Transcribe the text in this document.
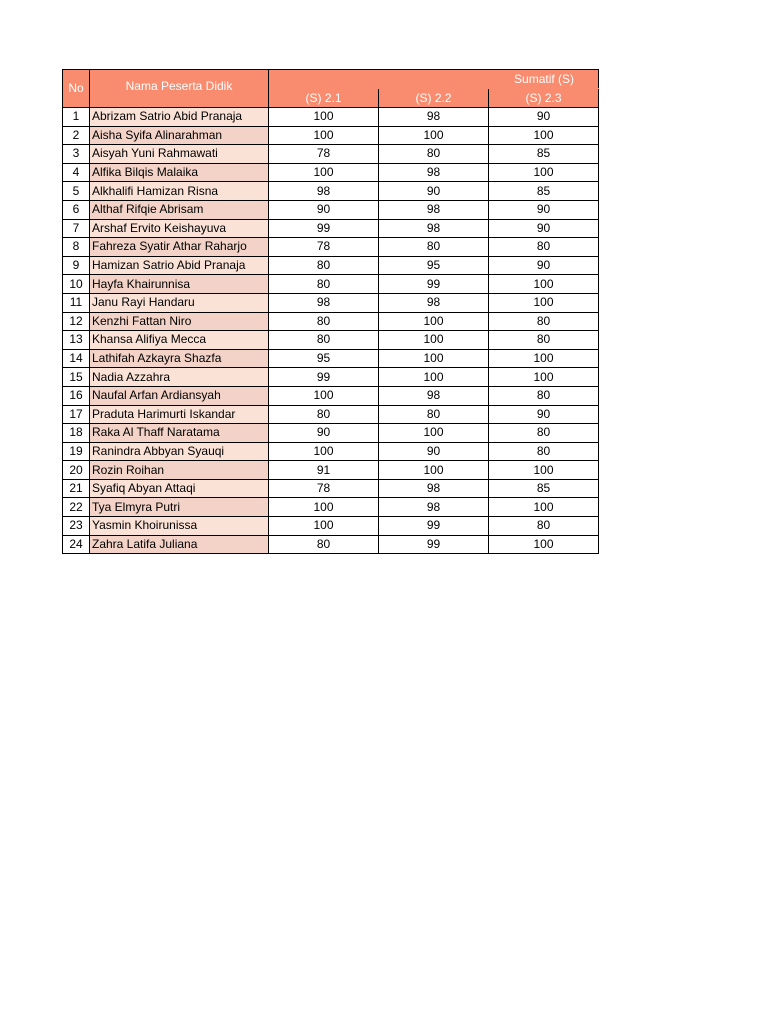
No	Nama Peserta Didik	Sumatif (S)		
		(S) 2.1	(S) 2.2	(S) 2.3
1	Abrizam Satrio Abid Pranaja	100	98	90
2	Aisha Syifa Alinarahman	100	100	100
3	Aisyah Yuni Rahmawati	78	80	85
4	Alfika Bilqis Malaika	100	98	100
5	Alkhalifi Hamizan Risna	98	90	85
6	Althaf Rifqie Abrisam	90	98	90
7	Arshaf Ervito Keishayuva	99	98	90
8	Fahreza Syatir Athar Raharjo	78	80	80
9	Hamizan Satrio Abid Pranaja	80	95	90
10	Hayfa Khairunnisa	80	99	100
11	Janu Rayi Handaru	98	98	100
12	Kenzhi Fattan Niro	80	100	80
13	Khansa Alifiya Mecca	80	100	80
14	Lathifah Azkayra Shazfa	95	100	100
15	Nadia Azzahra	99	100	100
16	Naufal Arfan Ardiansyah	100	98	80
17	Praduta Harimurti Iskandar	80	80	90
18	Raka Al Thaff Naratama	90	100	80
19	Ranindra Abbyan Syauqi	100	90	80
20	Rozin Roihan	91	100	100
21	Syafiq Abyan Attaqi	78	98	85
22	Tya Elmyra Putri	100	98	100
23	Yasmin Khoirunissa	100	99	80
24	Zahra Latifa Juliana	80	99	100
